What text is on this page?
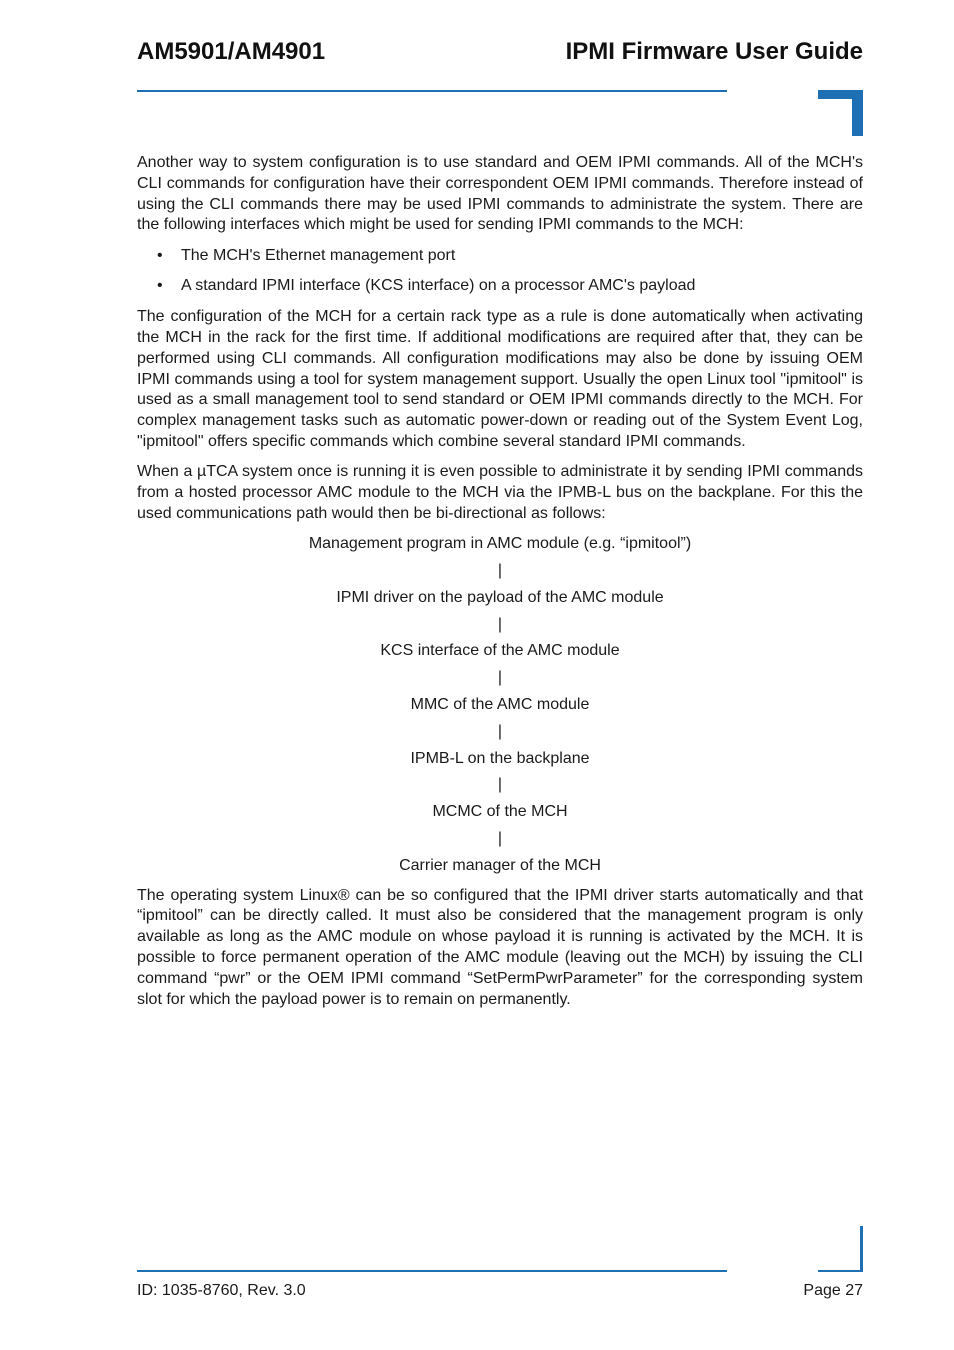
AM5901/AM4901	IPMI Firmware User Guide

Another way to system configuration is to use standard and OEM IPMI commands. All of the MCH's CLI commands for configuration have their correspondent OEM IPMI commands. Therefore instead of using the CLI commands there may be used IPMI commands to administrate the system. There are the following interfaces which might be used for sending IPMI commands to the MCH:

• The MCH's Ethernet management port
• A standard IPMI interface (KCS interface) on a processor AMC's payload

The configuration of the MCH for a certain rack type as a rule is done automatically when activating the MCH in the rack for the first time. If additional modifications are required after that, they can be performed using CLI commands. All configuration modifications may also be done by issuing OEM IPMI commands using a tool for system management support. Usually the open Linux tool "ipmitool" is used as a small management tool to send standard or OEM IPMI commands directly to the MCH. For complex management tasks such as automatic power-down or reading out of the System Event Log, "ipmitool" offers specific commands which combine several standard IPMI commands.

When a µTCA system once is running it is even possible to administrate it by sending IPMI commands from a hosted processor AMC module to the MCH via the IPMB-L bus on the backplane. For this the used communications path would then be bi-directional as follows:

Management program in AMC module (e.g. “ipmitool”)
|
IPMI driver on the payload of the AMC module
|
KCS interface of the AMC module
|
MMC of the AMC module
|
IPMB-L on the backplane
|
MCMC of the MCH
|
Carrier manager of the MCH

The operating system Linux® can be so configured that the IPMI driver starts automatically and that “ipmitool” can be directly called. It must also be considered that the management program is only available as long as the AMC module on whose payload it is running is activated by the MCH. It is possible to force permanent operation of the AMC module (leaving out the MCH) by issuing the CLI command “pwr” or the OEM IPMI command “SetPermPwrParameter” for the corresponding system slot for which the payload power is to remain on permanently.

ID: 1035-8760, Rev. 3.0	Page 27
